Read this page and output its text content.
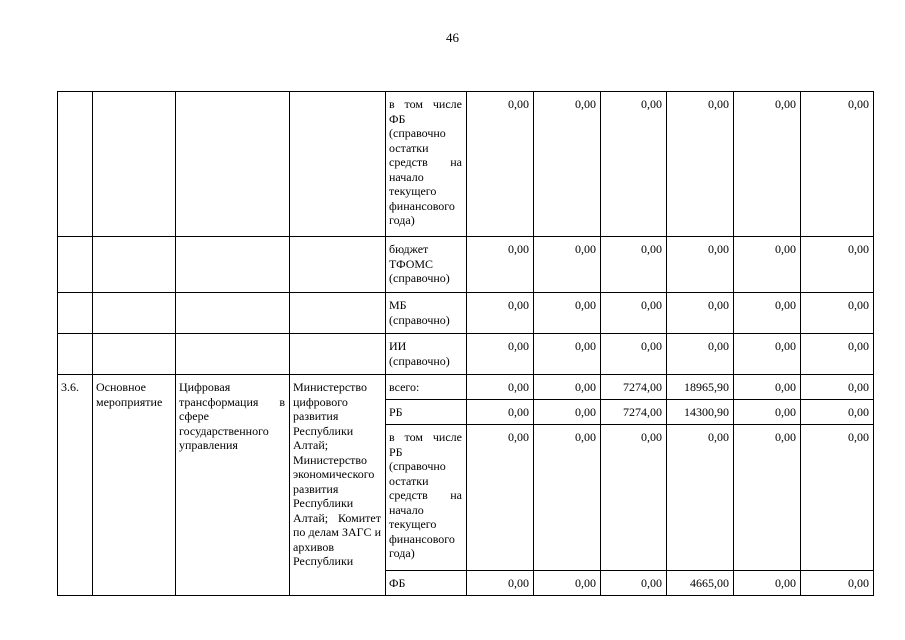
46
				в том числе ФБ (справочно остатки средств на начало текущего финансового года)	0,00	0,00	0,00	0,00	0,00	0,00
				бюджет ТФОМС (справочно)	0,00	0,00	0,00	0,00	0,00	0,00
				МБ (справочно)	0,00	0,00	0,00	0,00	0,00	0,00
				ИИ (справочно)	0,00	0,00	0,00	0,00	0,00	0,00
3.6.	Основное мероприятие	Цифровая трансформация в сфере государственного управления	Министерство цифрового развития Республики Алтай; Министерство экономического развития Республики Алтай; Комитет по делам ЗАГС и архивов Республики	всего:	0,00	0,00	7274,00	18965,90	0,00	0,00
				РБ	0,00	0,00	7274,00	14300,90	0,00	0,00
				в том числе РБ (справочно остатки средств на начало текущего финансового года)	0,00	0,00	0,00	0,00	0,00	0,00
				ФБ	0,00	0,00	0,00	4665,00	0,00	0,00
